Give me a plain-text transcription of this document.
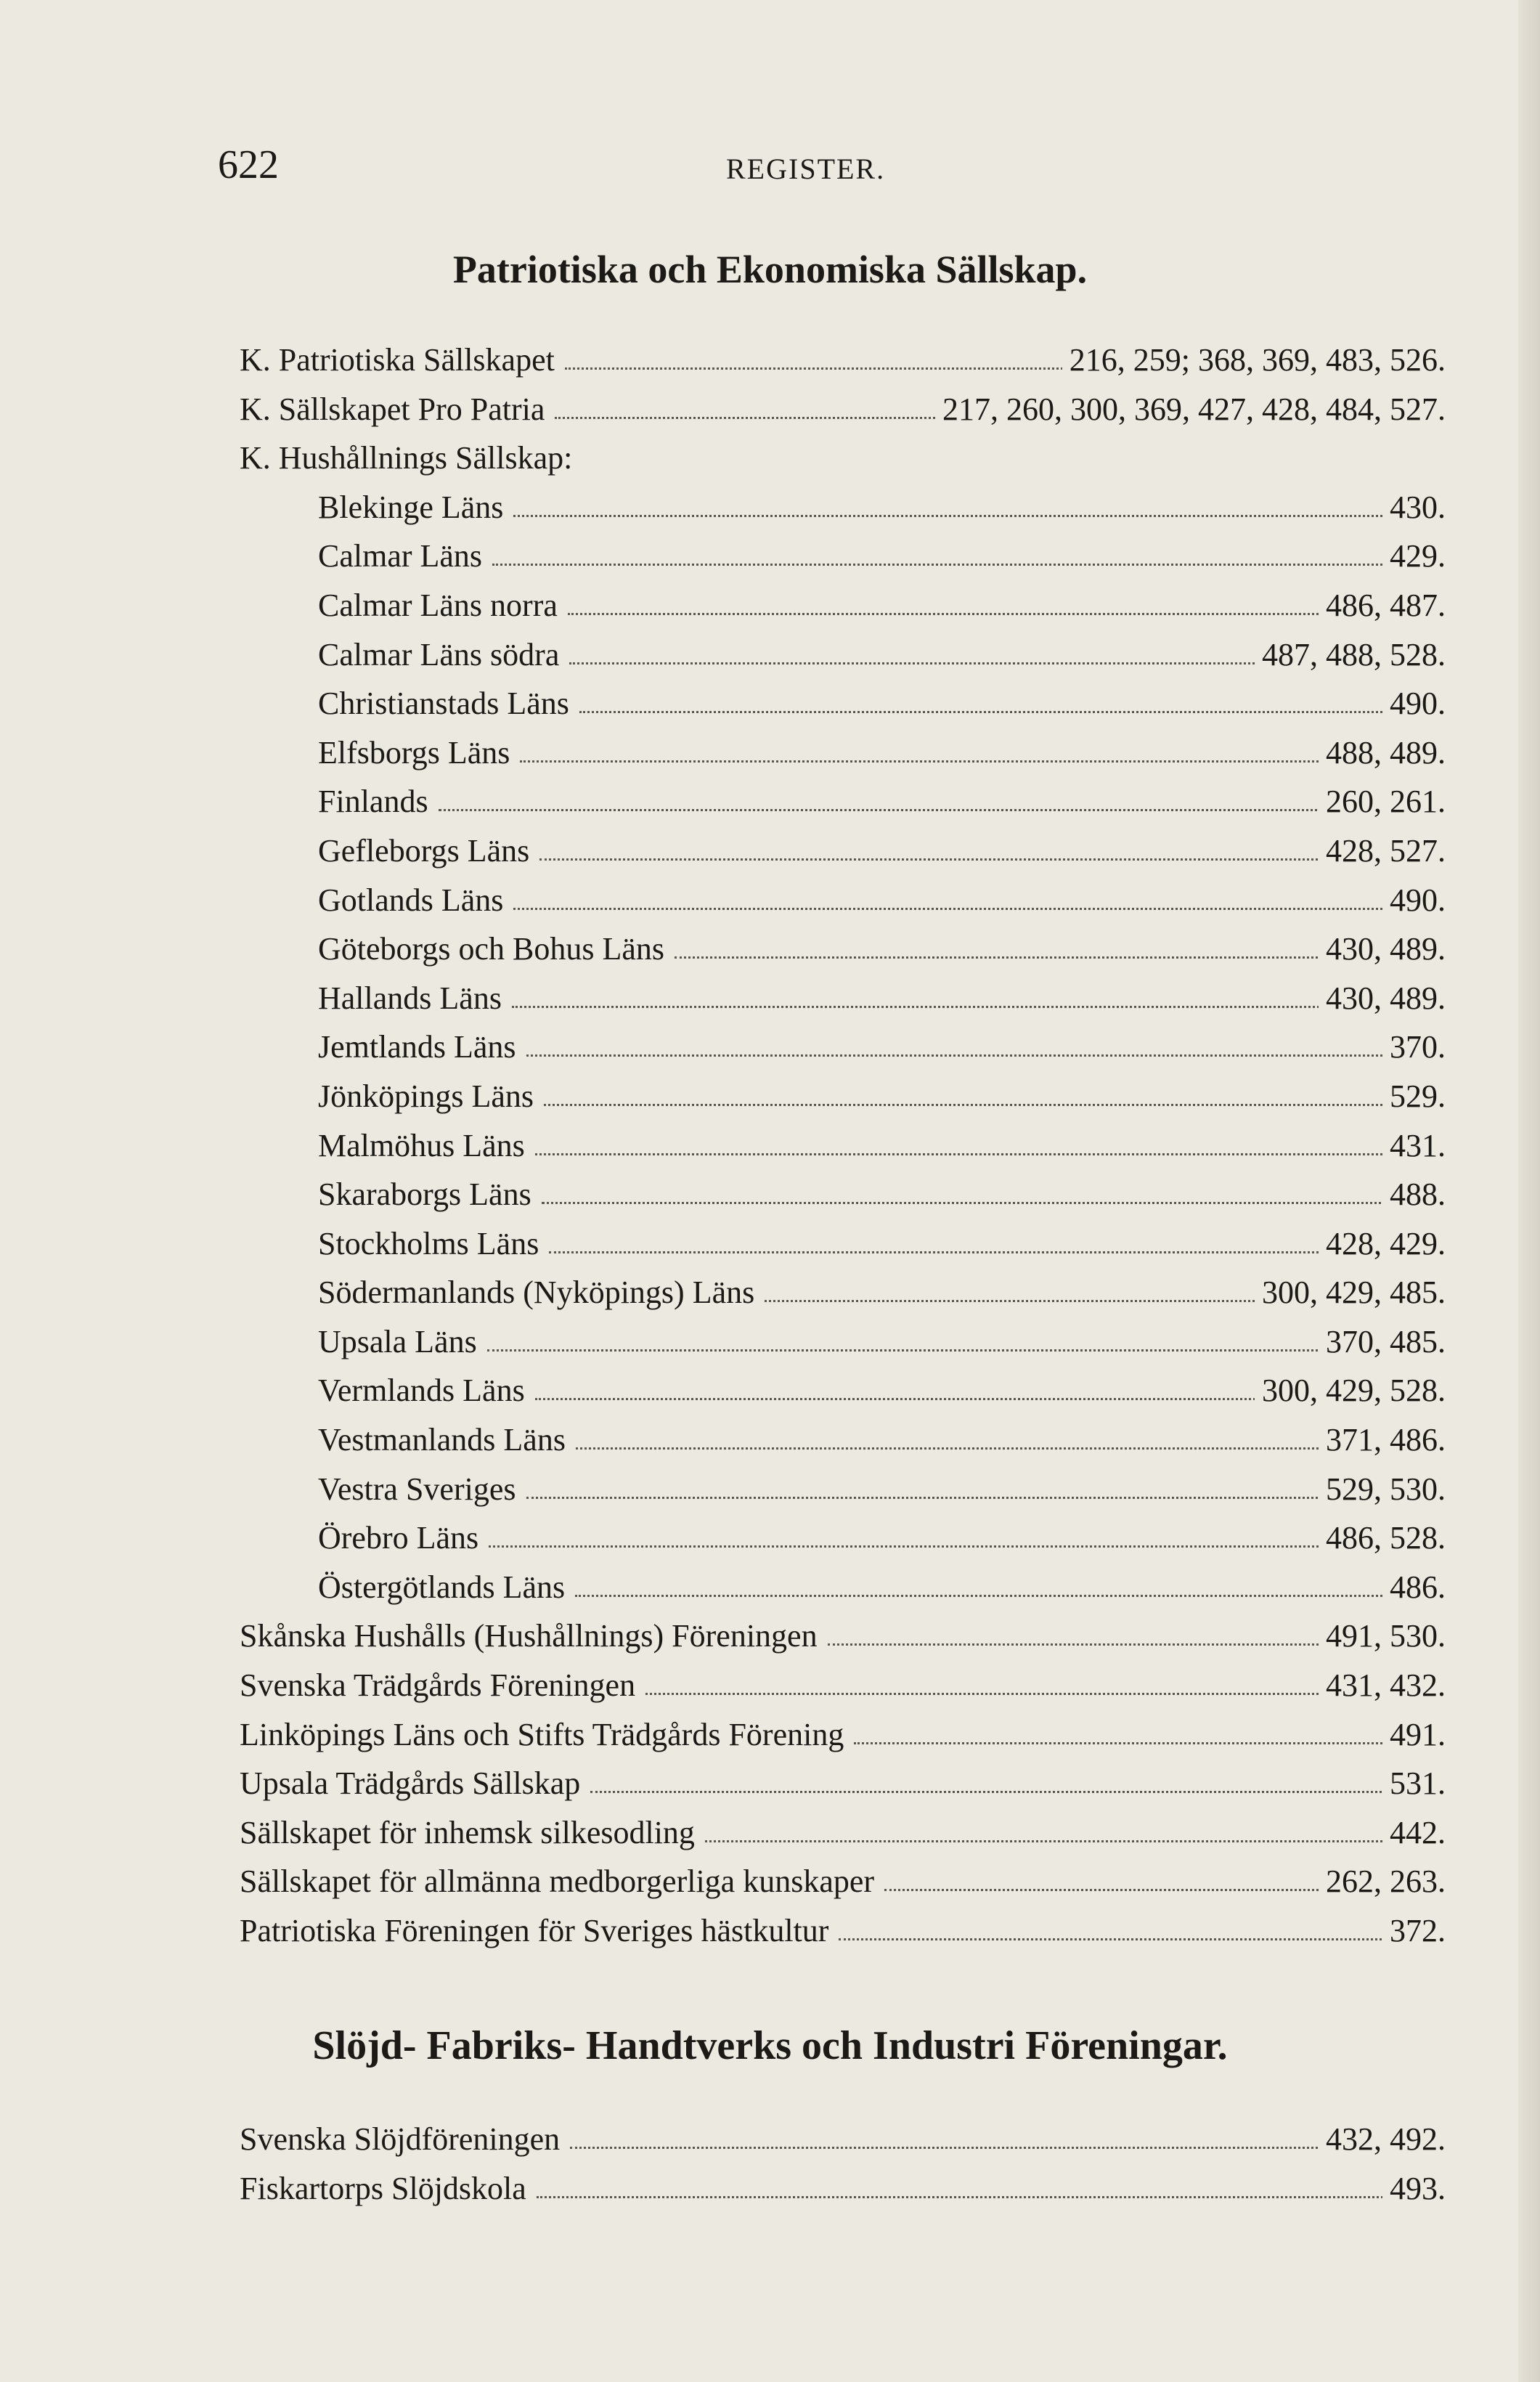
622	REGISTER.
Patriotiska och Ekonomiska Sällskap.
K. Patriotiska Sällskapet	216, 259; 368, 369, 483, 526.
K. Sällskapet Pro Patria	217, 260, 300, 369, 427, 428, 484, 527.
K. Hushållnings Sällskap:
Blekinge Läns	430.
Calmar Läns	429.
Calmar Läns norra	486, 487.
Calmar Läns södra	487, 488, 528.
Christianstads Läns	490.
Elfsborgs Läns	488, 489.
Finlands	260, 261.
Gefleborgs Läns	428, 527.
Gotlands Läns	490.
Göteborgs och Bohus Läns	430, 489.
Hallands Läns	430, 489.
Jemtlands Läns	370.
Jönköpings Läns	529.
Malmöhus Läns	431.
Skaraborgs Läns	488.
Stockholms Läns	428, 429.
Södermanlands (Nyköpings) Läns	300, 429, 485.
Upsala Läns	370, 485.
Vermlands Läns	300, 429, 528.
Vestmanlands Läns	371, 486.
Vestra Sveriges	529, 530.
Örebro Läns	486, 528.
Östergötlands Läns	486.
Skånska Hushålls (Hushållnings) Föreningen	491, 530.
Svenska Trädgårds Föreningen	431, 432.
Linköpings Läns och Stifts Trädgårds Förening	491.
Upsala Trädgårds Sällskap	531.
Sällskapet för inhemsk silkesodling	442.
Sällskapet för allmänna medborgerliga kunskaper	262, 263.
Patriotiska Föreningen för Sveriges hästkultur	372.
Slöjd- Fabriks- Handtverks och Industri Föreningar.
Svenska Slöjdföreningen	432, 492.
Fiskartorps Slöjdskola	493.
